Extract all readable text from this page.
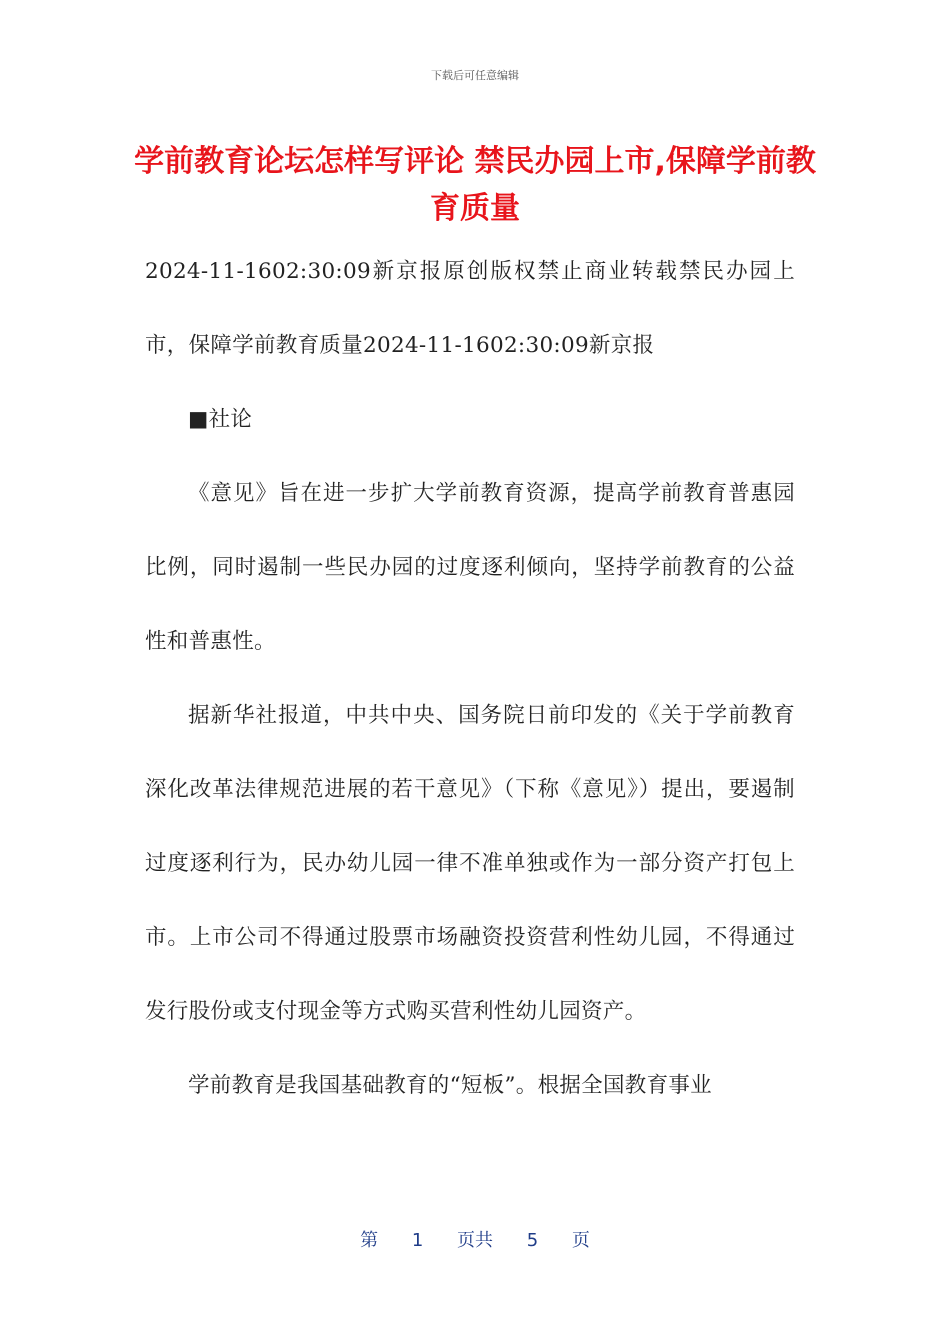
下载后可任意编辑
学前教育论坛怎样写评论 禁民办园上市,保障学前教育质量

2024-11-1602:30:09新京报原创版权禁止商业转载禁民办园上市，保障学前教育质量2024-11-1602:30:09新京报

■社论

《意见》旨在进一步扩大学前教育资源，提高学前教育普惠园比例，同时遏制一些民办园的过度逐利倾向，坚持学前教育的公益性和普惠性。

据新华社报道，中共中央、国务院日前印发的《关于学前教育深化改革法律规范进展的若干意见》（下称《意见》）提出，要遏制过度逐利行为，民办幼儿园一律不准单独或作为一部分资产打包上市。上市公司不得通过股票市场融资投资营利性幼儿园，不得通过发行股份或支付现金等方式购买营利性幼儿园资产。

学前教育是我国基础教育的“短板”。根据全国教育事业

第 1 页共 5 页
